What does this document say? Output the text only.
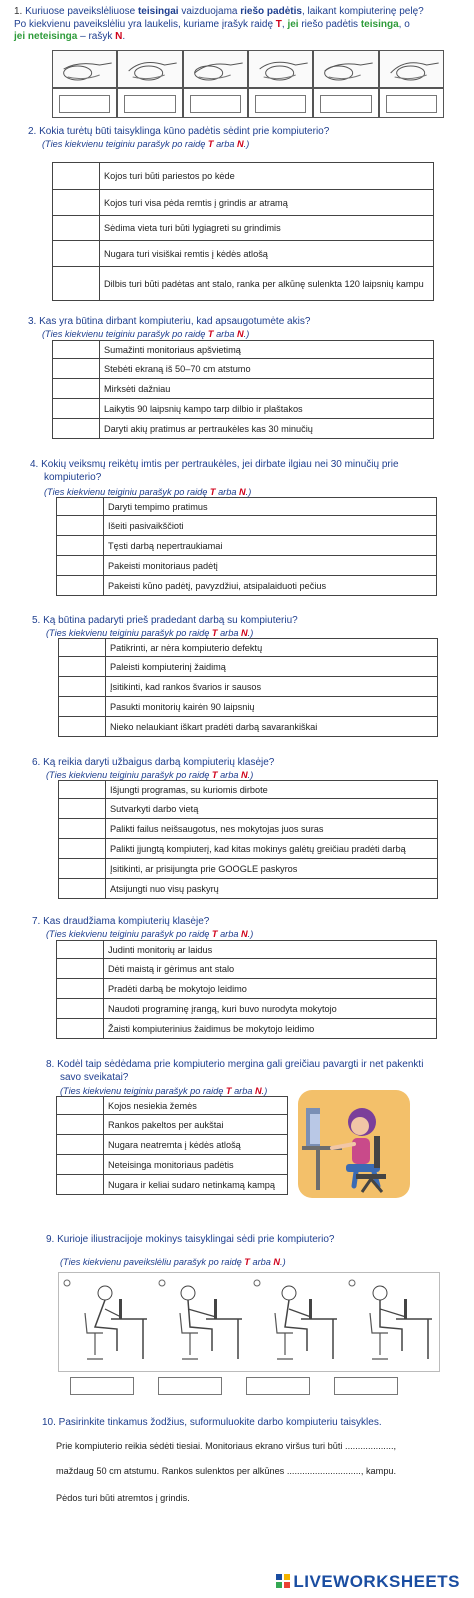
1. Kuriuose paveikslėliuose teisingai vaizduojama riešo padėtis, laikant kompiuterinę pelę?
Po kiekvienu paveikslėliu yra laukelis, kuriame įrašyk raidę T, jei riešo padėtis teisinga, o
jei neteisinga – rašyk N.
2. Kokia turėtų būti taisyklinga kūno padėtis sėdint prie kompiuterio?
(Ties kiekvienu teiginiu parašyk po raidę T arba N.)
	Kojos turi būti pariestos po kėde
	Kojos turi visa pėda remtis į grindis ar atramą
	Sėdima vieta turi būti lygiagreti su grindimis
	Nugara turi visiškai remtis į kėdės atlošą
	Dilbis turi būti padėtas ant stalo, ranka per alkūnę sulenkta 120 laipsnių kampu
3. Kas yra būtina dirbant kompiuteriu, kad apsaugotumėte akis?
(Ties kiekvienu teiginiu parašyk po raidę T arba N.)
	Sumažinti monitoriaus apšvietimą
	Stebėti ekraną iš 50–70 cm atstumo
	Mirksėti dažniau
	Laikytis 90 laipsnių kampo tarp dilbio ir plaštakos
	Daryti akių pratimus ar pertraukėles kas 30 minučių
4. Kokių veiksmų reikėtų imtis per pertraukėles, jei dirbate ilgiau nei 30 minučių prie
kompiuterio?
(Ties kiekvienu teiginiu parašyk po raidę T arba N.)
	Daryti tempimo pratimus
	Išeiti pasivaikščioti
	Tęsti darbą nepertraukiamai
	Pakeisti monitoriaus padėtį
	Pakeisti kūno padėtį, pavyzdžiui, atsipalaiduoti pečius
5. Ką būtina padaryti prieš pradedant darbą su kompiuteriu?
(Ties kiekvienu teiginiu parašyk po raidę T arba N.)
	Patikrinti, ar nėra kompiuterio defektų
	Paleisti kompiuterinį žaidimą
	Įsitikinti, kad rankos švarios ir sausos
	Pasukti monitorių kairėn 90 laipsnių
	Nieko nelaukiant iškart pradėti darbą savarankiškai
6. Ką reikia daryti užbaigus darbą kompiuterių klasėje?
(Ties kiekvienu teiginiu parašyk po raidę T arba N.)
	Išjungti programas, su kuriomis dirbote
	Sutvarkyti darbo vietą
	Palikti failus neišsaugotus, nes mokytojas juos suras
	Palikti įjungtą kompiuterį, kad kitas mokinys galėtų greičiau pradėti darbą
	Įsitikinti, ar prisijungta prie GOOGLE paskyros
	Atsijungti nuo visų paskyrų
7. Kas draudžiama kompiuterių klasėje?
(Ties kiekvienu teiginiu parašyk po raidę T arba N.)
	Judinti monitorių ar laidus
	Dėti maistą ir gėrimus ant stalo
	Pradėti darbą be mokytojo leidimo
	Naudoti programinę įrangą, kuri buvo nurodyta mokytojo
	Žaisti kompiuterinius žaidimus be mokytojo leidimo
8. Kodėl taip sėdėdama prie kompiuterio mergina gali greičiau pavargti ir net pakenkti
savo sveikatai?
(Ties kiekvienu teiginiu parašyk po raidę T arba N.)
	Kojos nesiekia žemės
	Rankos pakeltos per aukštai
	Nugara neatremta į kėdės atlošą
	Neteisinga monitoriaus padėtis
	Nugara ir keliai sudaro netinkamą kampą
9. Kurioje iliustracijoje mokinys taisyklingai sėdi prie kompiuterio?
(Ties kiekvienu paveikslėliu parašyk po raidę T arba N.)
10. Pasirinkite tinkamus žodžius, suformuluokite darbo kompiuteriu taisykles.
Prie kompiuterio reikia sėdėti tiesiai. Monitoriaus ekrano viršus turi būti ...................,
maždaug 50 cm atstumu. Rankos sulenktos per alkūnes ............................., kampu.
Pėdos turi būti atremtos į grindis.
LIVEWORKSHEETS
